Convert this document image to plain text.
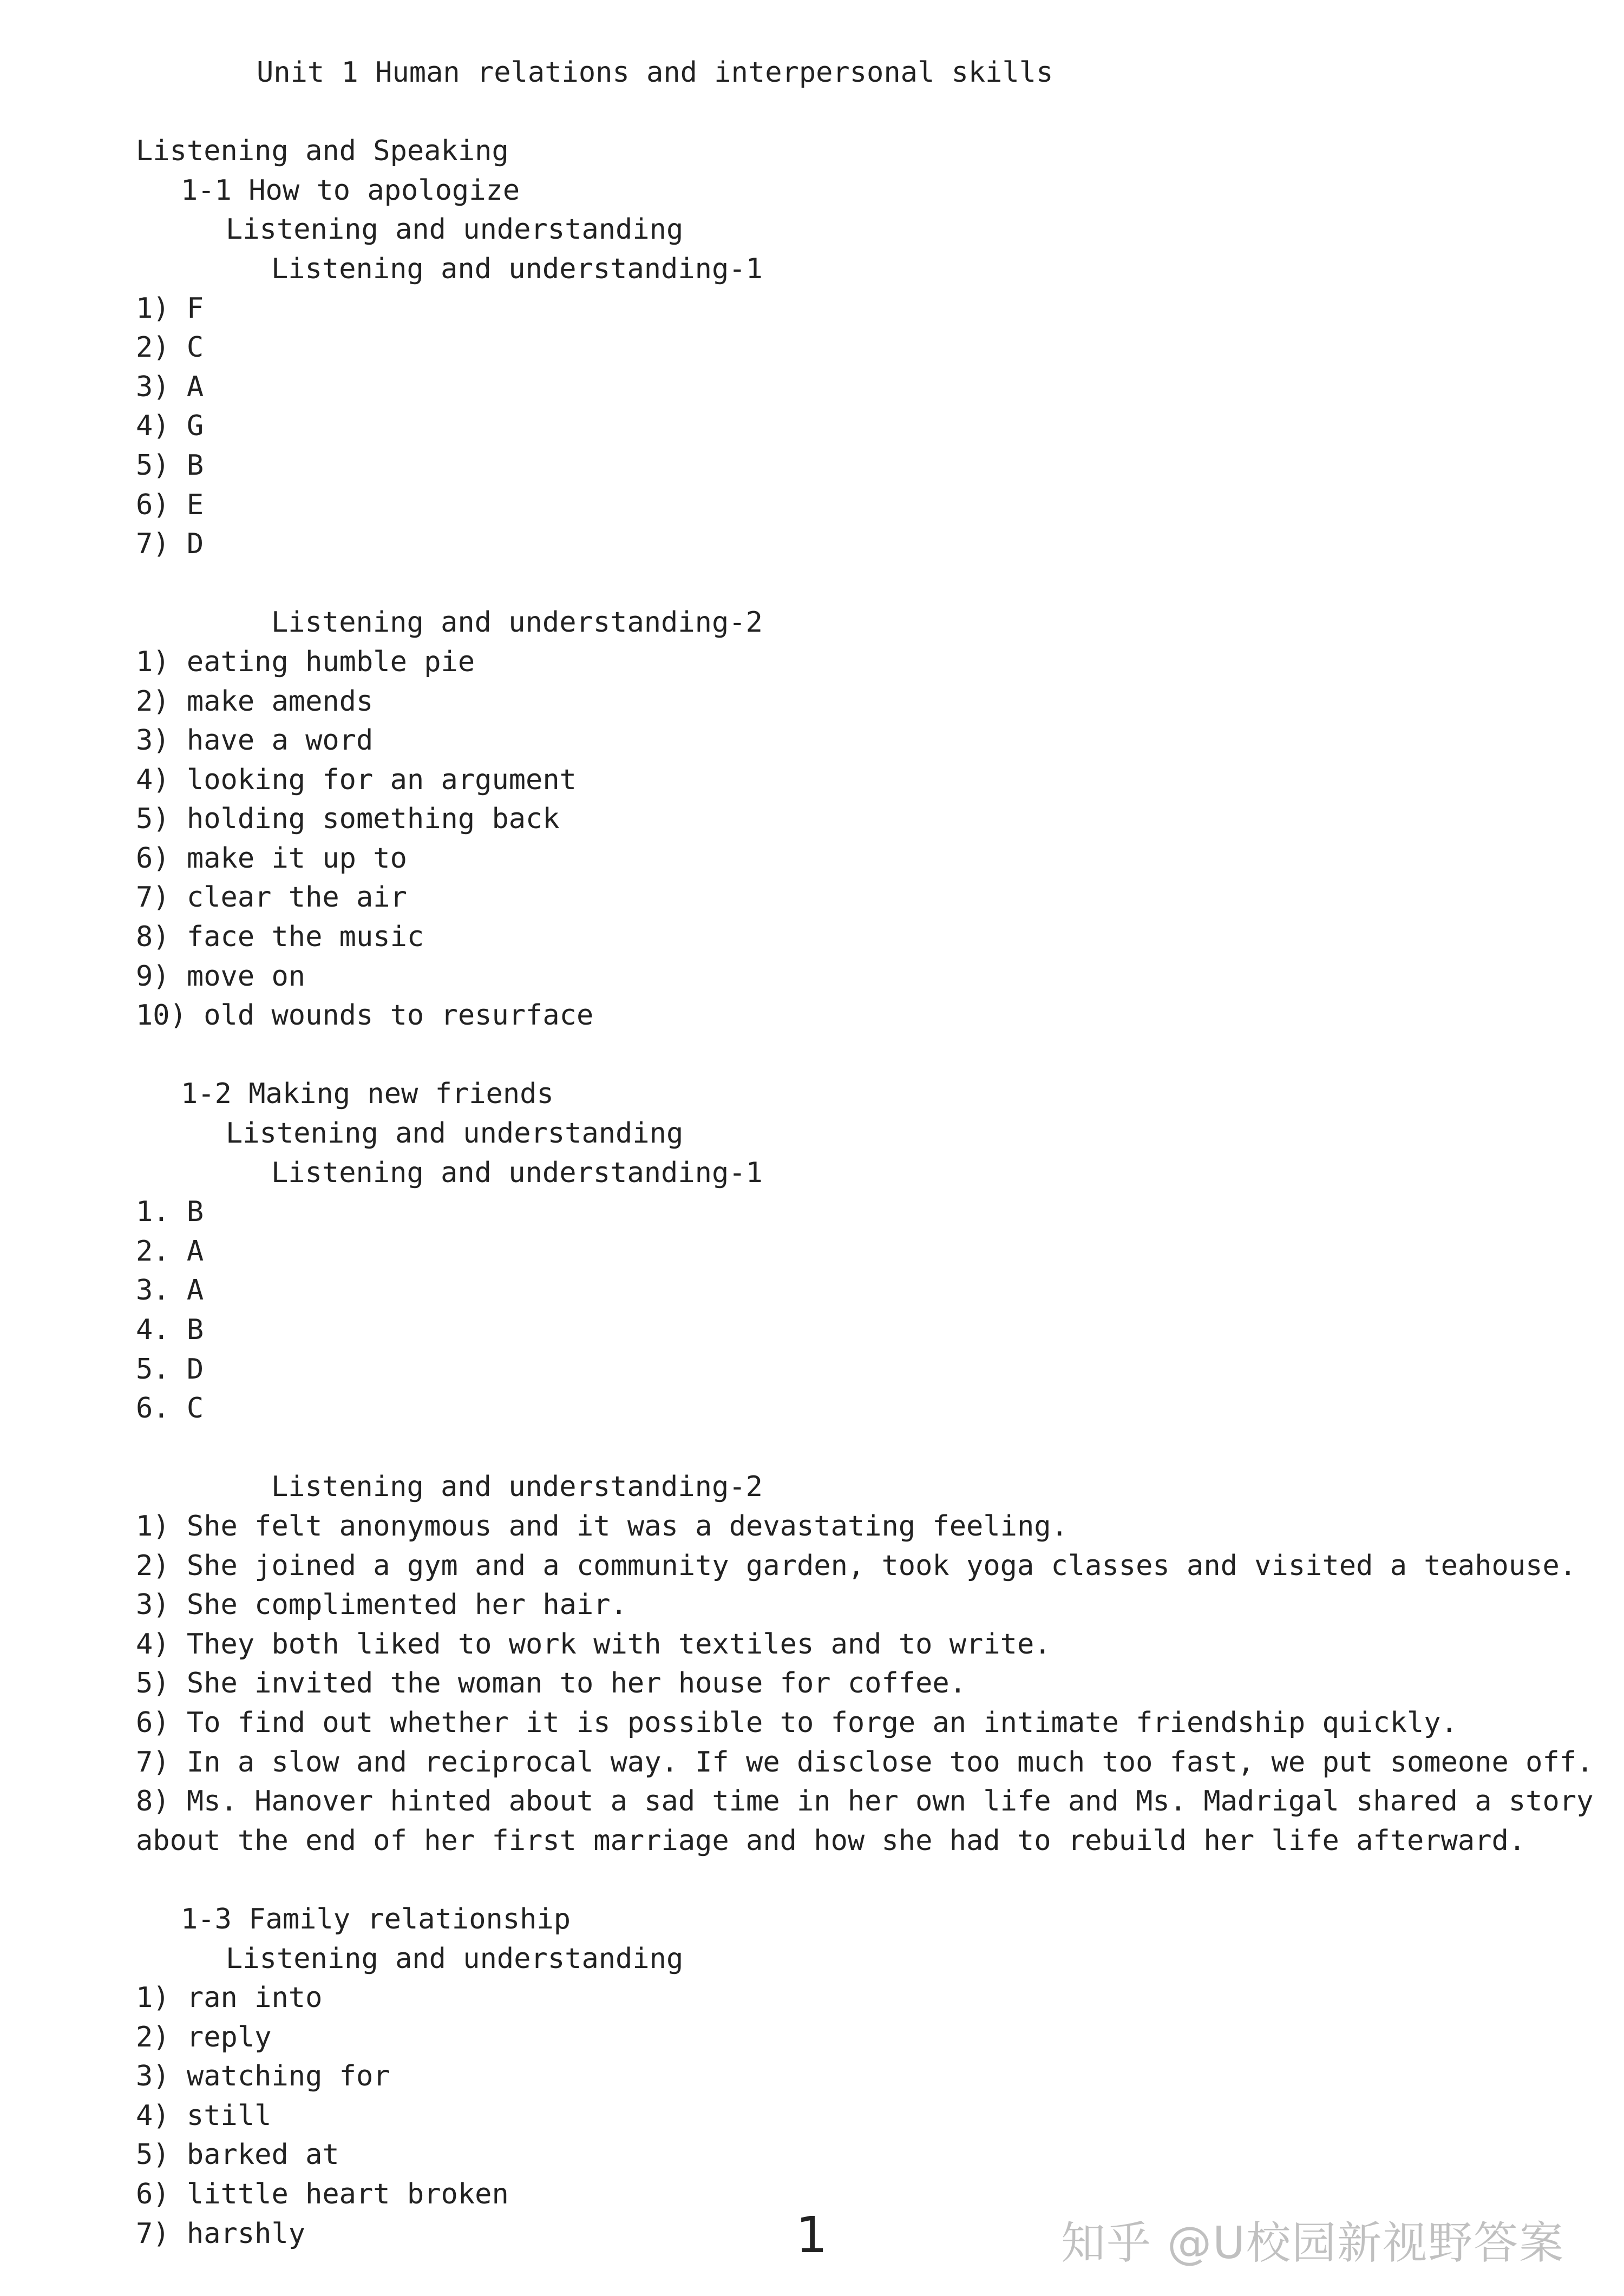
Unit 1 Human relations and interpersonal skills
Listening and Speaking
1-1 How to apologize
Listening and understanding
Listening and understanding-1
1) F
2) C
3) A
4) G
5) B
6) E
7) D
Listening and understanding-2
1) eating humble pie
2) make amends
3) have a word
4) looking for an argument
5) holding something back
6) make it up to
7) clear the air
8) face the music
9) move on
10) old wounds to resurface
1-2 Making new friends
Listening and understanding
Listening and understanding-1
1. B
2. A
3. A
4. B
5. D
6. C
Listening and understanding-2
1) She felt anonymous and it was a devastating feeling.
2) She joined a gym and a community garden, took yoga classes and visited a teahouse.
3) She complimented her hair.
4) They both liked to work with textiles and to write.
5) She invited the woman to her house for coffee.
6) To find out whether it is possible to forge an intimate friendship quickly.
7) In a slow and reciprocal way. If we disclose too much too fast, we put someone off.
8) Ms. Hanover hinted about a sad time in her own life and Ms. Madrigal shared a story
about the end of her first marriage and how she had to rebuild her life afterward.
1-3 Family relationship
Listening and understanding
1) ran into
2) reply
3) watching for
4) still
5) barked at
6) little heart broken
7) harshly	1	知乎 @U校园新视野答案
